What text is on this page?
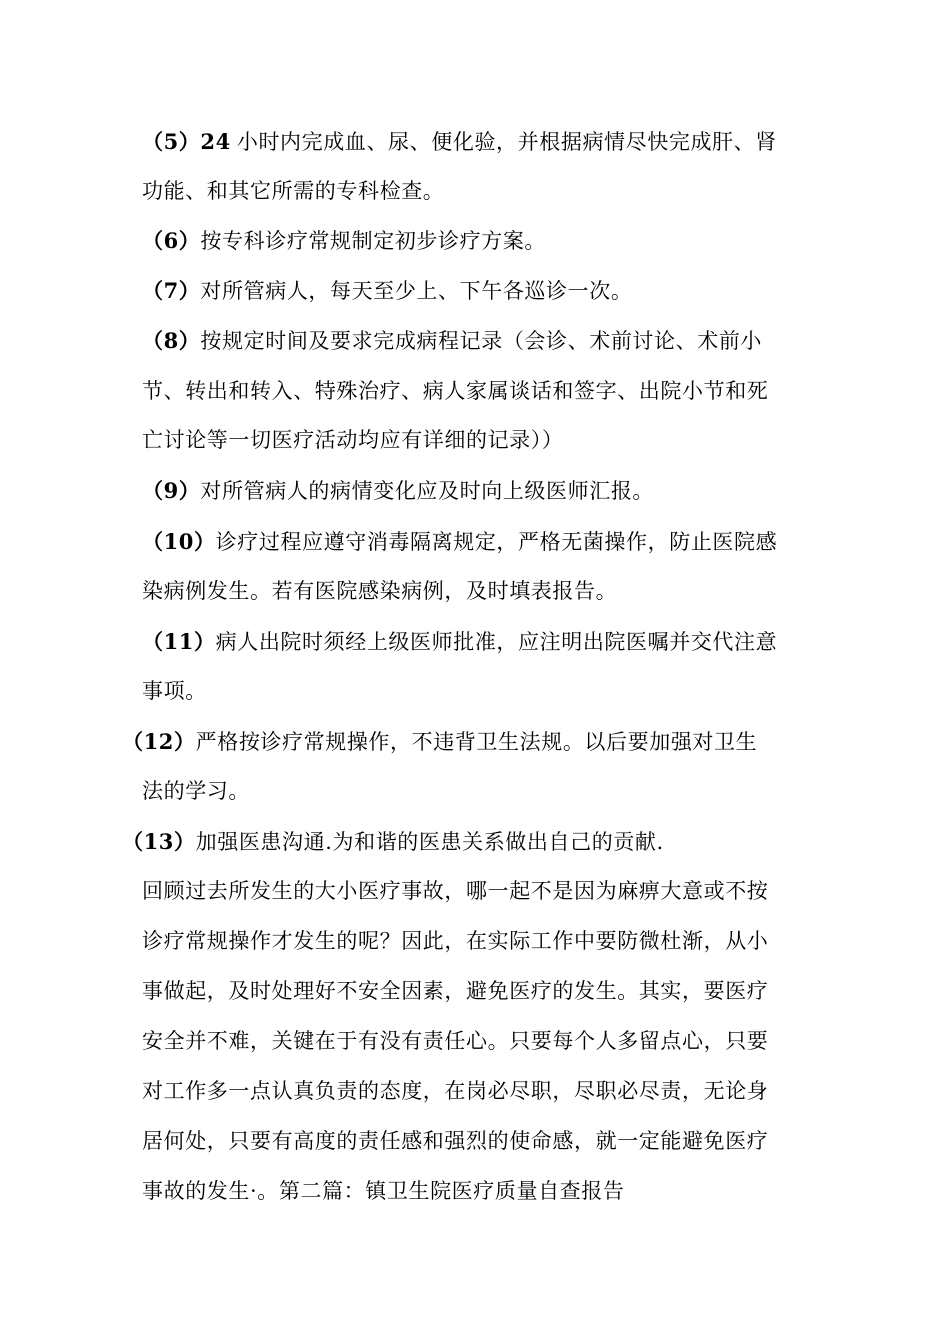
（5）24 小时内完成血、尿、便化验，并根据病情尽快完成肝、肾
功能、和其它所需的专科检查。
（6）按专科诊疗常规制定初步诊疗方案。
（7）对所管病人，每天至少上、下午各巡诊一次。
（8）按规定时间及要求完成病程记录（会诊、术前讨论、术前小
节、转出和转入、特殊治疗、病人家属谈话和签字、出院小节和死
亡讨论等一切医疗活动均应有详细的记录））
（9）对所管病人的病情变化应及时向上级医师汇报。
（10）诊疗过程应遵守消毒隔离规定，严格无菌操作，防止医院感
染病例发生。若有医院感染病例，及时填表报告。
（11）病人出院时须经上级医师批准，应注明出院医嘱并交代注意
事项。
（12）严格按诊疗常规操作，不违背卫生法规。以后要加强对卫生
法的学习。
（13）加强医患沟通.为和谐的医患关系做出自己的贡献.
回顾过去所发生的大小医疗事故，哪一起不是因为麻痹大意或不按
诊疗常规操作才发生的呢？因此，在实际工作中要防微杜渐，从小
事做起，及时处理好不安全因素，避免医疗的发生。其实，要医疗
安全并不难，关键在于有没有责任心。只要每个人多留点心，只要
对工作多一点认真负责的态度，在岗必尽职，尽职必尽责，无论身
居何处，只要有高度的责任感和强烈的使命感，就一定能避免医疗
事故的发生·。第二篇：镇卫生院医疗质量自查报告
